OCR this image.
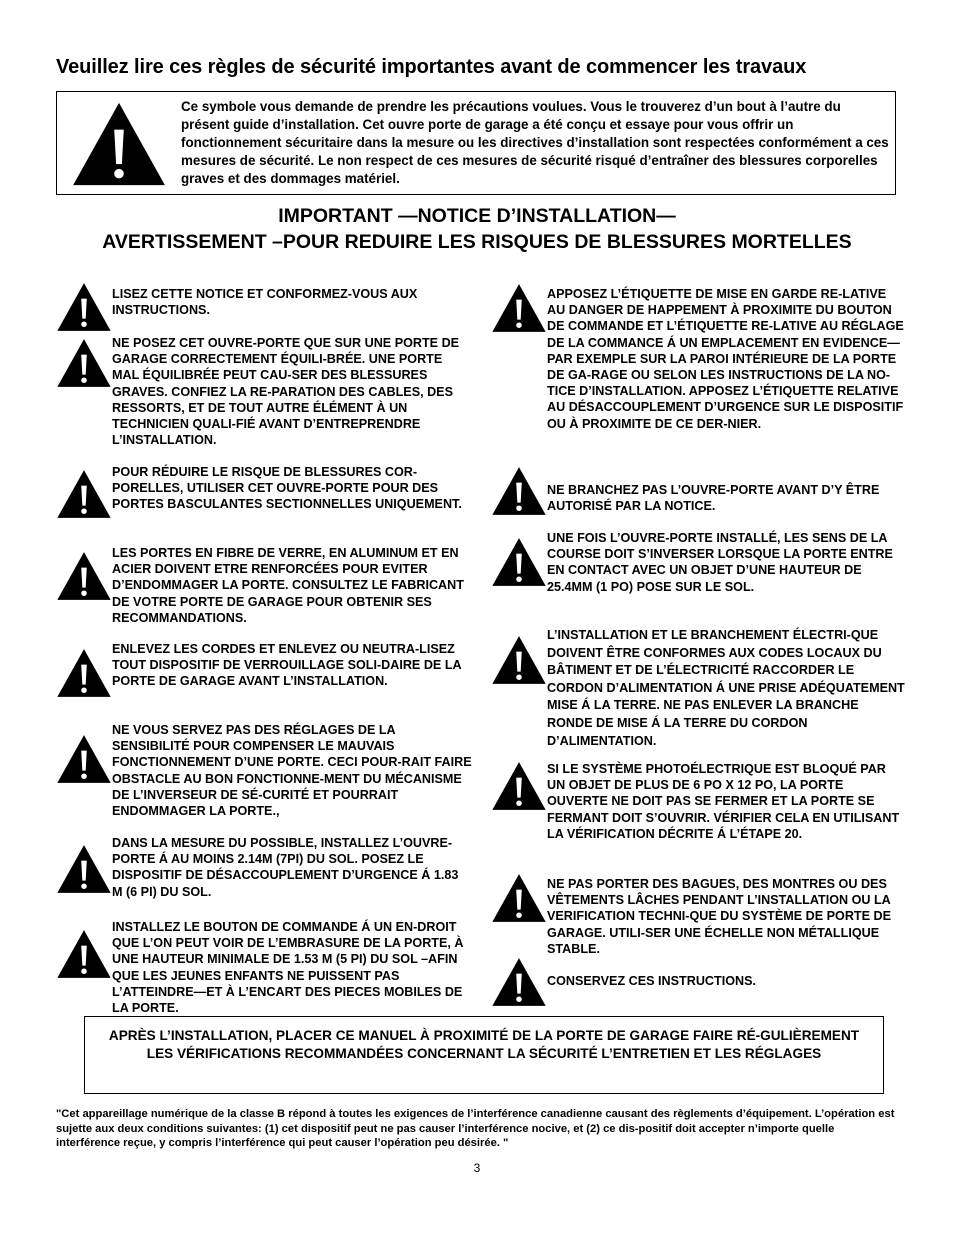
Veuillez lire ces règles de sécurité importantes avant de commencer les travaux
Ce symbole vous demande de prendre les précautions voulues. Vous le trouverez d’un bout à l’autre du présent guide d’installation. Cet ouvre porte de garage a été conçu et essaye pour vous offrir un fonctionnement sécuritaire dans la mesure ou les directives d’installation sont respectées conformément a ces mesures de sécurité. Le non respect de ces mesures de sécurité risqué d’entraîner des blessures corporelles graves et des dommages matériel.
IMPORTANT —NOTICE D’INSTALLATION—
AVERTISSEMENT –POUR REDUIRE LES RISQUES DE BLESSURES MORTELLES
LISEZ CETTE NOTICE ET CONFORMEZ-VOUS AUX INSTRUCTIONS.
NE POSEZ CET OUVRE-PORTE QUE SUR UNE PORTE DE GARAGE CORRECTEMENT ÉQUILI-BRÉE. UNE PORTE MAL ÉQUILIBRÉE PEUT CAU-SER DES BLESSURES GRAVES. CONFIEZ LA RE-PARATION DES CABLES, DES RESSORTS, ET DE TOUT AUTRE ÉLÉMENT À UN TECHNICIEN QUALI-FIÉ AVANT D’ENTREPRENDRE L’INSTALLATION.
POUR RÉDUIRE LE RISQUE DE BLESSURES COR-PORELLES, UTILISER CET OUVRE-PORTE POUR DES PORTES BASCULANTES SECTIONNELLES UNIQUEMENT.
LES PORTES EN FIBRE DE VERRE, EN ALUMINUM ET EN ACIER DOIVENT ETRE RENFORCÉES POUR EVITER D’ENDOMMAGER LA PORTE. CONSULTEZ LE FABRICANT DE VOTRE PORTE DE GARAGE POUR OBTENIR SES RECOMMANDATIONS.
ENLEVEZ LES CORDES ET ENLEVEZ OU NEUTRA-LISEZ TOUT DISPOSITIF DE VERROUILLAGE SOLI-DAIRE DE LA PORTE DE GARAGE AVANT L’INSTALLATION.
NE VOUS SERVEZ PAS DES RÉGLAGES DE LA SENSIBILITÉ POUR COMPENSER LE MAUVAIS FONCTIONNEMENT D’UNE PORTE. CECI POUR-RAIT FAIRE OBSTACLE AU BON FONCTIONNE-MENT DU MÉCANISME DE L’INVERSEUR DE SÉ-CURITÉ ET POURRAIT ENDOMMAGER LA PORTE.,
DANS LA MESURE DU POSSIBLE, INSTALLEZ L’OUVRE-PORTE Á AU MOINS 2.14M (7PI) DU SOL. POSEZ LE DISPOSITIF DE DÉSACCOUPLEMENT D’URGENCE Á 1.83 M (6 PI) DU SOL.
INSTALLEZ LE BOUTON DE COMMANDE Á UN EN-DROIT QUE L’ON PEUT VOIR DE L’EMBRASURE DE LA PORTE, À UNE HAUTEUR MINIMALE DE 1.53 M (5 PI) DU SOL –AFIN QUE LES JEUNES ENFANTS NE PUISSENT PAS L’ATTEINDRE—ET À L’ENCART DES PIECES MOBILES DE LA PORTE.
APPOSEZ L’ÉTIQUETTE DE MISE EN GARDE RE-LATIVE AU DANGER DE HAPPEMENT À PROXIMITE DU BOUTON DE COMMANDE ET L’ÉTIQUETTE RE-LATIVE AU RÉGLAGE DE LA COMMANCE Á UN EMPLACEMENT EN EVIDENCE—PAR EXEMPLE SUR LA PAROI INTÉRIEURE DE LA PORTE DE GA-RAGE OU SELON LES INSTRUCTIONS DE LA NO-TICE D’INSTALLATION. APPOSEZ L’ÉTIQUETTE RELATIVE AU DÉSACCOUPLEMENT D’URGENCE SUR LE DISPOSITIF OU À PROXIMITE DE CE DER-NIER.
NE BRANCHEZ PAS L’OUVRE-PORTE AVANT D’Y ÊTRE AUTORISÉ PAR LA NOTICE.
UNE FOIS L’OUVRE-PORTE INSTALLÉ, LES SENS DE LA COURSE DOIT S’INVERSER LORSQUE LA PORTE ENTRE EN CONTACT AVEC UN OBJET D’UNE HAUTEUR DE 25.4MM (1 PO) POSE SUR LE SOL.
L’INSTALLATION ET LE BRANCHEMENT ÉLECTRI-QUE DOIVENT ÊTRE CONFORMES AUX CODES LOCAUX DU BÂTIMENT ET DE L’ÉLECTRICITÉ RACCORDER LE CORDON D’ALIMENTATION Á UNE PRISE ADÉQUATEMENT MISE Á LA TERRE. NE PAS ENLEVER LA BRANCHE RONDE DE MISE Á LA TERRE DU CORDON D’ALIMENTATION.
SI LE SYSTÈME PHOTOÉLECTRIQUE EST BLOQUÉ PAR UN OBJET DE PLUS DE 6 PO X 12 PO, LA PORTE OUVERTE NE DOIT PAS SE FERMER ET LA PORTE SE FERMANT DOIT S’OUVRIR. VÉRIFIER CELA EN UTILISANT LA VÉRIFICATION DÉCRITE Á L’ÉTAPE 20.
NE PAS PORTER DES BAGUES, DES MONTRES OU DES VÊTEMENTS LÂCHES PENDANT L’INSTALLATION OU LA VERIFICATION TECHNI-QUE DU SYSTÈME DE PORTE DE GARAGE. UTILI-SER UNE ÉCHELLE NON MÉTALLIQUE STABLE.
CONSERVEZ CES INSTRUCTIONS.
APRÈS L’INSTALLATION, PLACER CE MANUEL À PROXIMITÉ DE LA PORTE DE GARAGE FAIRE RÉ-GULIÈREMENT LES VÉRIFICATIONS RECOMMANDÉES CONCERNANT LA SÉCURITÉ L’ENTRETIEN ET LES RÉGLAGES
"Cet appareillage numérique de la classe B répond à toutes les exigences de l’interférence canadienne causant des règlements d’équipement. L’opération est sujette aux deux conditions suivantes: (1) cet dispositif peut ne pas causer l’interférence nocive, et (2) ce dis-positif doit accepter n’importe quelle interférence reçue, y compris l’interférence qui peut causer l’opération peu désirée. "
3
